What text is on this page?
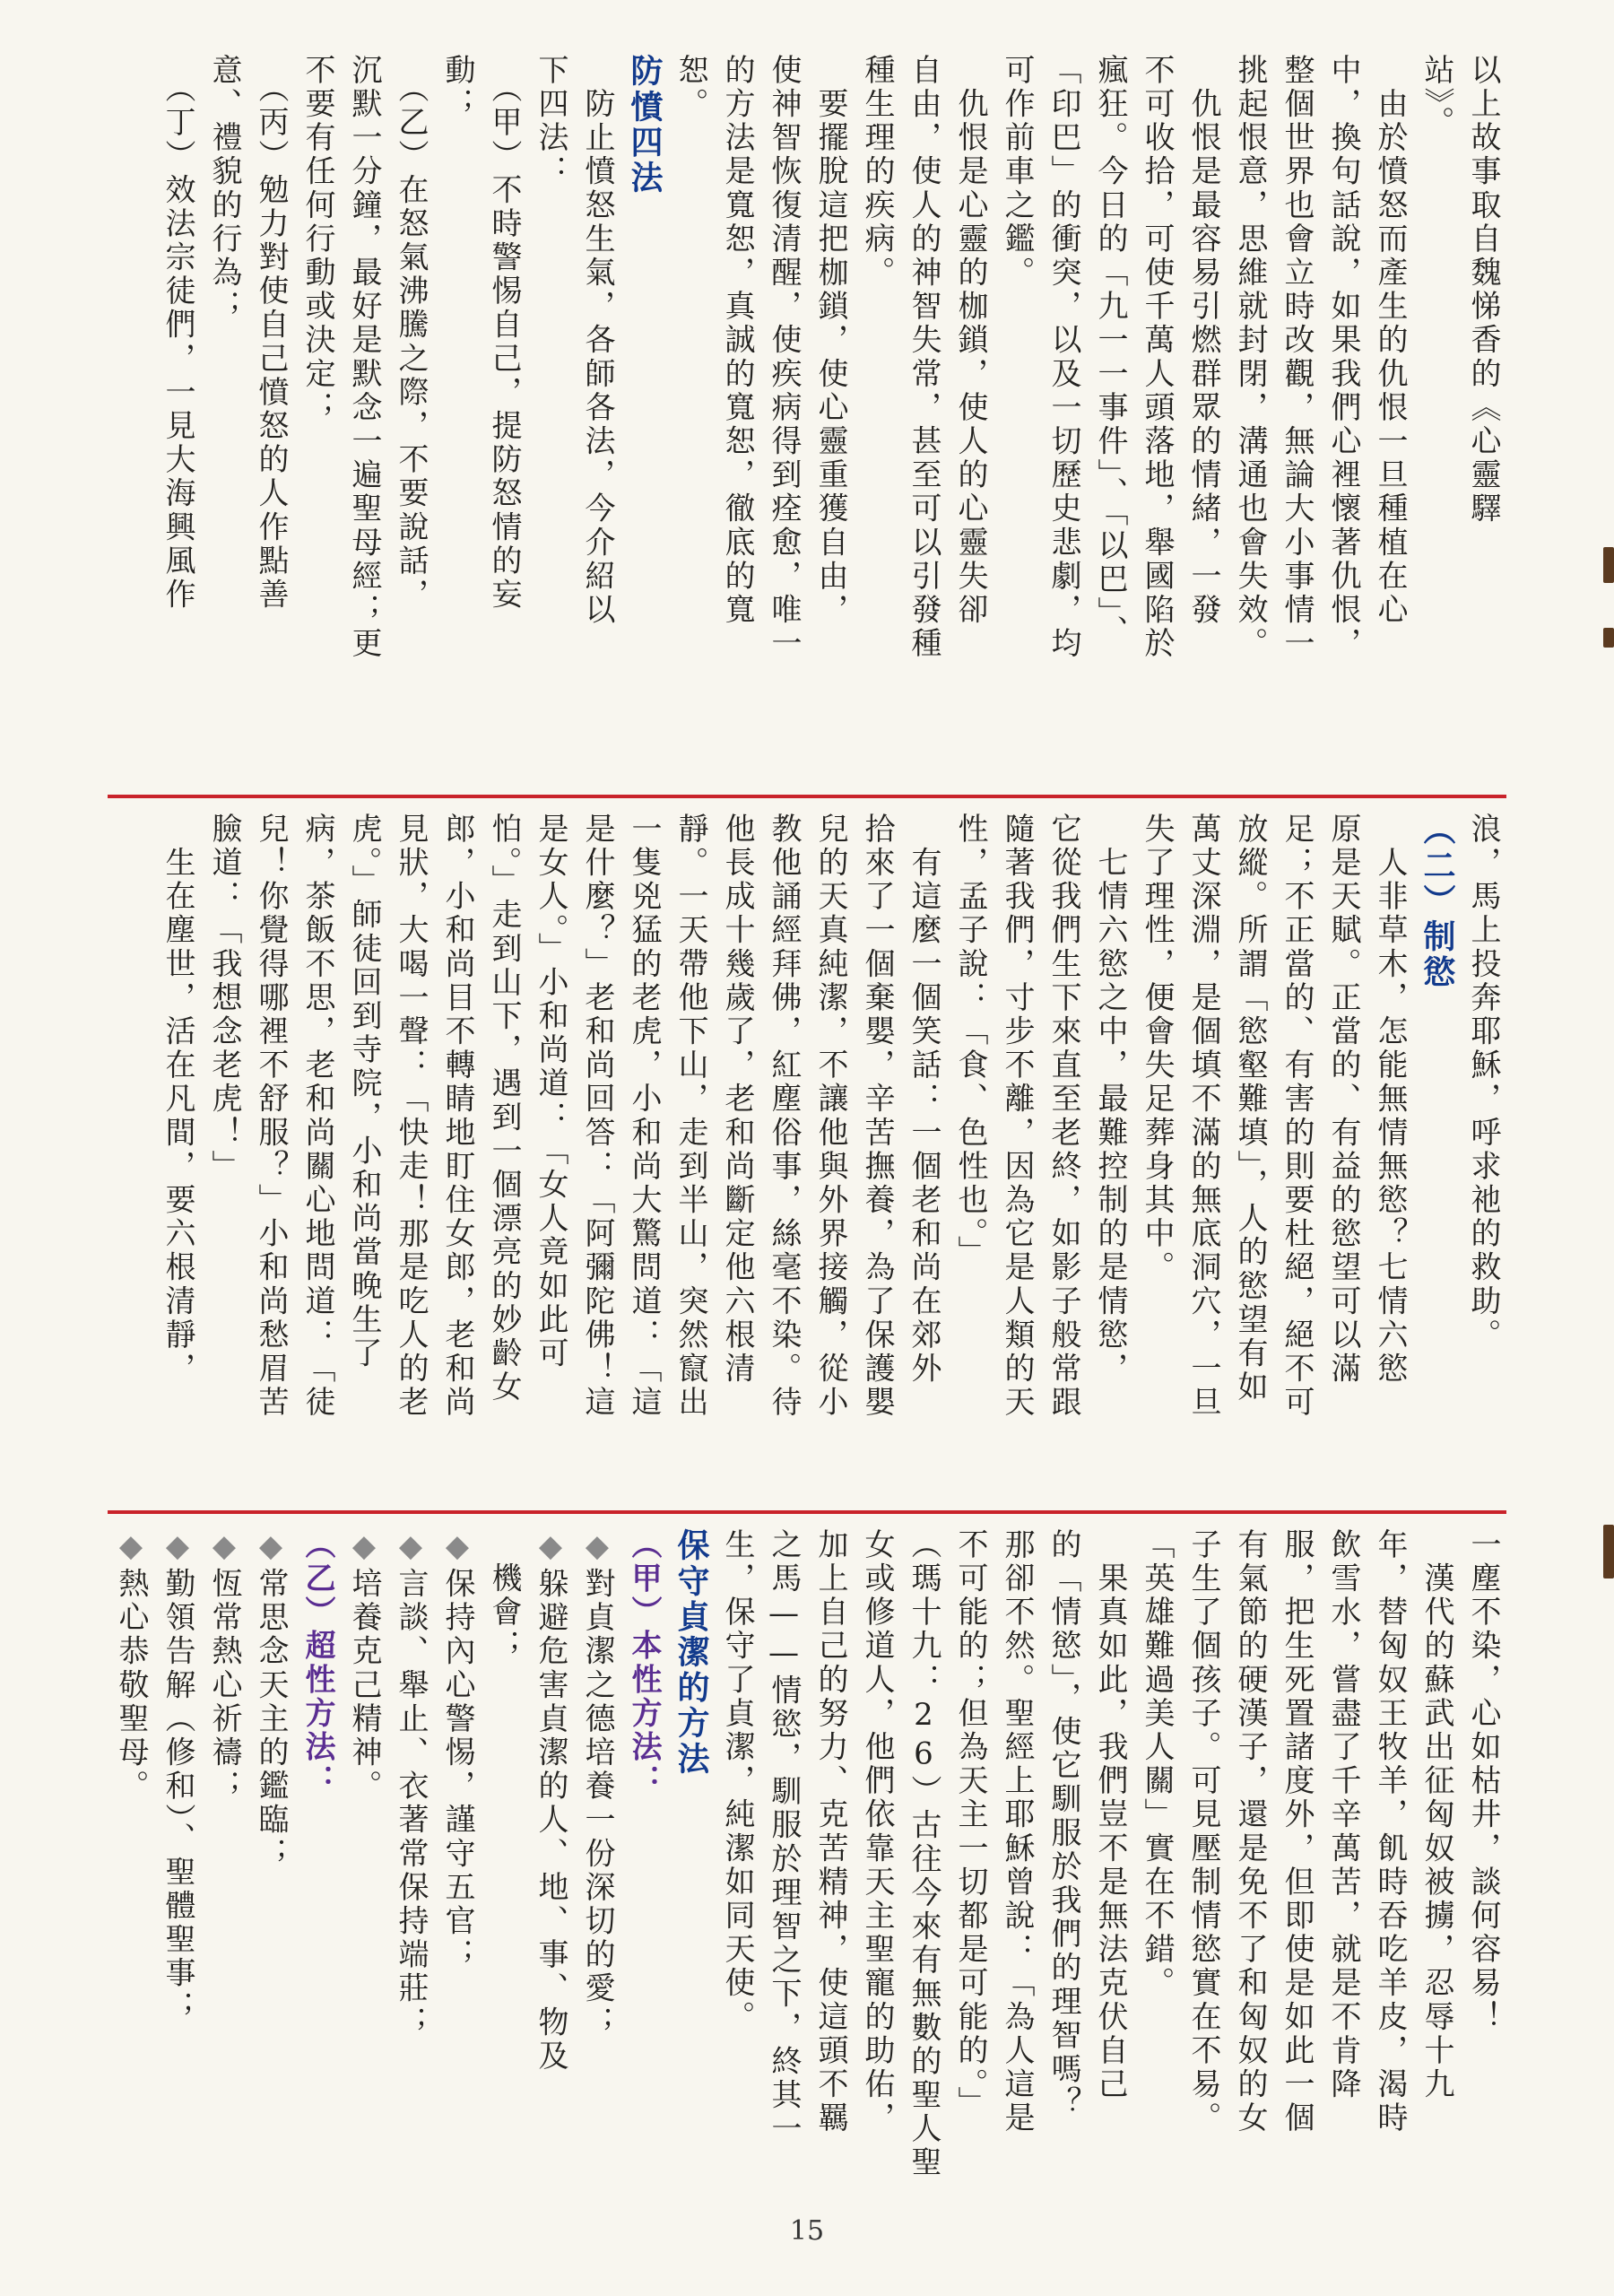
以上故事取自魏悌香的《心靈驛
站》。
　由於憤怒而產生的仇恨一旦種植在心
中，換句話說，如果我們心裡懷著仇恨，
整個世界也會立時改觀，無論大小事情一
挑起恨意，思維就封閉，溝通也會失效。
　仇恨是最容易引燃群眾的情緒，一發
不可收拾，可使千萬人頭落地，舉國陷於
瘋狂。今日的「九一一事件」、「以巴」、
「印巴」的衝突，以及一切歷史悲劇，均
可作前車之鑑。
　仇恨是心靈的枷鎖，使人的心靈失卻
自由，使人的神智失常，甚至可以引發種
種生理的疾病。
　要擺脫這把枷鎖，使心靈重獲自由，
使神智恢復清醒，使疾病得到痊愈，唯一
的方法是寬恕，真誠的寬恕，徹底的寬
恕。
防憤四法
　防止憤怒生氣，各師各法，今介紹以
下四法：
　（甲）不時警惕自己，提防怒情的妄
動；
　（乙）在怒氣沸騰之際，不要說話，
沉默一分鐘，最好是默念一遍聖母經；更
不要有任何行動或決定；
　（丙）勉力對使自己憤怒的人作點善
意、禮貌的行為；
　（丁）效法宗徒們，一見大海興風作
浪，馬上投奔耶穌，呼求祂的救助。
（二）制慾
　人非草木，怎能無情無慾？七情六慾
原是天賦。正當的、有益的慾望可以滿
足；不正當的、有害的則要杜絕，絕不可
放縱。所謂「慾壑難填」，人的慾望有如
萬丈深淵，是個填不滿的無底洞穴，一旦
失了理性，便會失足葬身其中。
　七情六慾之中，最難控制的是情慾，
它從我們生下來直至老終，如影子般常跟
隨著我們，寸步不離，因為它是人類的天
性，孟子說：「食、色性也。」
　有這麼一個笑話：一個老和尚在郊外
拾來了一個棄嬰，辛苦撫養，為了保護嬰
兒的天真純潔，不讓他與外界接觸，從小
教他誦經拜佛，紅塵俗事，絲毫不染。待
他長成十幾歲了，老和尚斷定他六根清
靜。一天帶他下山，走到半山，突然竄出
一隻兇猛的老虎，小和尚大驚問道：「這
是什麼？」老和尚回答：「阿彌陀佛！這
是女人。」小和尚道：「女人竟如此可
怕。」走到山下，遇到一個漂亮的妙齡女
郎，小和尚目不轉睛地盯住女郎，老和尚
見狀，大喝一聲：「快走！那是吃人的老
虎。」師徒回到寺院，小和尚當晚生了
病，茶飯不思，老和尚關心地問道：「徒
兒！你覺得哪裡不舒服？」小和尚愁眉苦
臉道：「我想念老虎！」
　生在塵世，活在凡間，要六根清靜，
一塵不染，心如枯井，談何容易！
　漢代的蘇武出征匈奴被擄，忍辱十九
年，替匈奴王牧羊，飢時吞吃羊皮，渴時
飲雪水，嘗盡了千辛萬苦，就是不肯降
服，把生死置諸度外，但即使是如此一個
有氣節的硬漢子，還是免不了和匈奴的女
子生了個孩子。可見壓制情慾實在不易。
「英雄難過美人關」實在不錯。
　果真如此，我們豈不是無法克伏自己
的「情慾」，使它馴服於我們的理智嗎？
那卻不然。聖經上耶穌曾說：「為人這是
不可能的；但為天主一切都是可能的。」
（瑪十九：26）古往今來有無數的聖人聖
女或修道人，他們依靠天主聖寵的助佑，
加上自己的努力、克苦精神，使這頭不羈
之馬——情慾，馴服於理智之下，終其一
生，保守了貞潔，純潔如同天使。
保守貞潔的方法
（甲）本性方法：
◆對貞潔之德培養一份深切的愛；
◆躲避危害貞潔的人、地、事、物及
　機會；
◆保持內心警惕，謹守五官；
◆言談、舉止、衣著常保持端莊；
◆培養克己精神。
（乙）超性方法：
◆常思念天主的鑑臨；
◆恆常熱心祈禱；
◆勤領告解（修和）、聖體聖事；
◆熱心恭敬聖母。
15
